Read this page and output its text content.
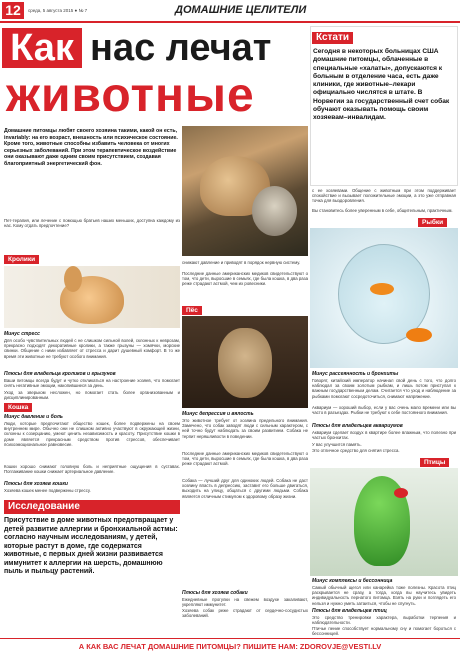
12	среда, 5 августа 2015 ● № 7	ДОМАШНИЕ ЦЕЛИТЕЛИ
Как нас лечат
животные
Кстати
Сегодня в некоторых больницах США домашние питомцы, облаченные в специальные «халаты», допускаются к больным в отделение часа, есть даже клиники, где животные–лекари официально числятся в штате. В Норвегии за государственный счет собак обучают оказывать помощь своим хозяевам–инвалидам.
Домашние питомцы любят своего хозяина такими, какой он есть, invariably: на его возраст, внешность или психическое состояние. Кроме того, животные способны избавить человека от многих серьезных заболеваний. При этом терапевтическое воздействие они оказывают даже одним своим присутствием, создавая благоприятный энергетический фон.
Пет-терапия, или лечение с помощью братьев наших меньших, доступна каждому из нас. Кому отдать предпочтение?
с ее хозяевами. Общение с животным при этом поддерживает спокойствие и вызывает положительные эмоции, а это уже отправная точка для выздоровления.
Вы становитесь более уверенным в себе, общительным, практичным.
Рыбки
Кролики
Минус стресс
Для особо чувствительных людей с не слишком сильной волей, склонных к неврозам, прекрасно подходят декоративные кролики, а также грызуны — хомячки, морские свинки. Общение с ними избавляет от стресса и дарит душевный комфорт. В то же время эти животные не требуют особого внимания.
Плюсы для владельца кроликов и грызунов
Ваши питомцы всегда будут и чутко откликаться на настроение хозяев, что помогает снять негативные эмоции, накопившиеся за день.
Уход за зверьком несложен, но помогает стать более организованным и дисциплинированным.
Кошка
Минус давление и боль
Люди, которые предпочитают общество кошек, более подвержены на своем внутреннем мире. Обычно они не слишком активно участвуют в окружающей жизни, склонны к созерцанию, умеют ценить независимость и красоту. Присутствие кошки в доме является прекрасным средством против стрессов, обеспечивает психоэмоциональное равновесие.
Кошки хорошо снимают головную боль и неприятные ощущения в суставах. Поглаживание кошки снижает артериальное давление.
Плюсы для хозяев кошки
Хозяева кошек менее подвержены стрессу.
снижают давление и приводят в порядок нервную систему.
Последние данные американских медиков свидетельствуют о том, что дети, выросшие в семьях, где была кошка, в два раза реже страдают астмой, чем их ровесники.
Пёс
Минус депрессия и вялость
Это животное требует от хозяина предельного внимания. Замечено, что собак заводят люди с сильным характером, с ней точно будут наблюдать за своим развитием. Собака не терпит неряшливости в поведении.
Последние данные американских медиков свидетельствуют о том, что дети, выросшие в семьях, где была кошка, в два раза реже страдают астмой.
Собака — лучший друг для одиноких людей. Собака не даст хозяину впасть в депрессию, заставит его больше двигаться, выходить на улицу, общаться с другими людьми. Собака является отличным стимулом к здоровому образу жизни.
Плюсы для хозяев собаки
Ежедневные прогулки на свежем воздухе закаливают, укрепляют иммунитет.
Хозяева собак реже страдают от сердечно-сосудистых заболеваний.
Минус рассеянность и бронхиты
Говорят, китайский император начинал свой день с того, что долго наблюдал за своим золотым рыбкам, и лишь потом приступал к важным государственным делам. Считается что уход и наблюдение за рыбками помогают сосредоточиться, снимают напряжение.
Аквариум — хороший выбор, если у вас очень мало времени или вы часто в разъездах. Рыбки не требуют к себе постоянного внимания.
Плюсы для владельцев аквариумов
Аквариум сделает воздух в квартире более влажным, что полезно при частых бронхитах.
У вас улучшится память.
Это отличное средство для снятия стресса.
Птицы
Минус комплексы и бессонница
Самый обычный щегол или канарейка тоже полезны. Красота птиц раскрывается не сразу, а тогда, когда вы научитесь увидеть индивидуальность пернатого питомца. Взять на руки и поглядеть его нельзя и нужно уметь затаиться, чтобы не спугнуть.
Плюсы для владельцев птиц
Это средство тренировки характера, выработки терпения и наблюдательности.
Птичье пение способствует нормальному сну и помогает бороться с бессонницей.
Исследование
Присутствие в доме животных предотвращает у детей развитие аллергии и бронхиальной астмы: согласно научным исследованиям, у детей, которые растут в доме, где содержатся животные, с первых дней жизни развивается иммунитет к аллергии на шерсть, домашнюю пыль и пыльцу растений.
А КАК ВАС ЛЕЧАТ ДОМАШНИЕ ПИТОМЦЫ? ПИШИТЕ НАМ: ZDOROVJE@VESTI.LV
